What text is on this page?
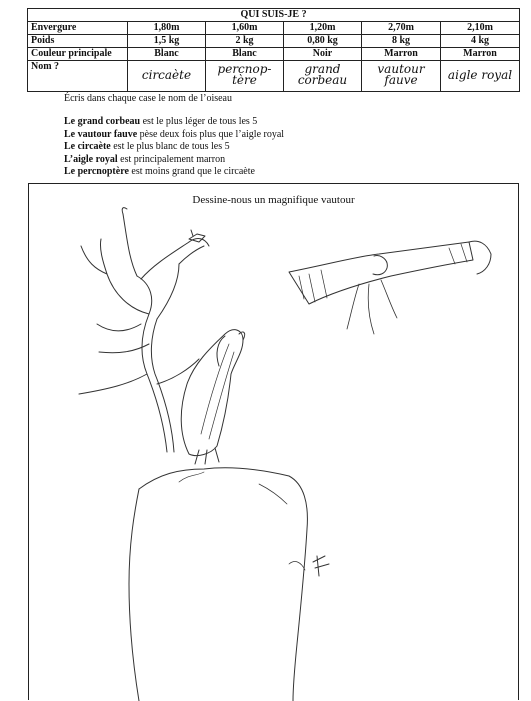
QUI SUIS-JE ?					
Envergure	1,80m	1,60m	1,20m	2,70m	2,10m
Poids	1,5 kg	2 kg	0,80 kg	8 kg	4 kg
Couleur principale	Blanc	Blanc	Noir	Marron	Marron
Nom ?	circaète	percnop-tère	grand corbeau	vautour fauve	aigle royal
Écris dans chaque case le nom de l’oiseau
Le grand corbeau est le plus léger de tous les 5
Le vautour fauve pèse deux fois plus que l’aigle royal
Le circaète est le plus blanc de tous les 5
L’aigle royal est principalement marron
Le percnoptère est moins grand que le circaète
Dessine-nous un magnifique vautour
